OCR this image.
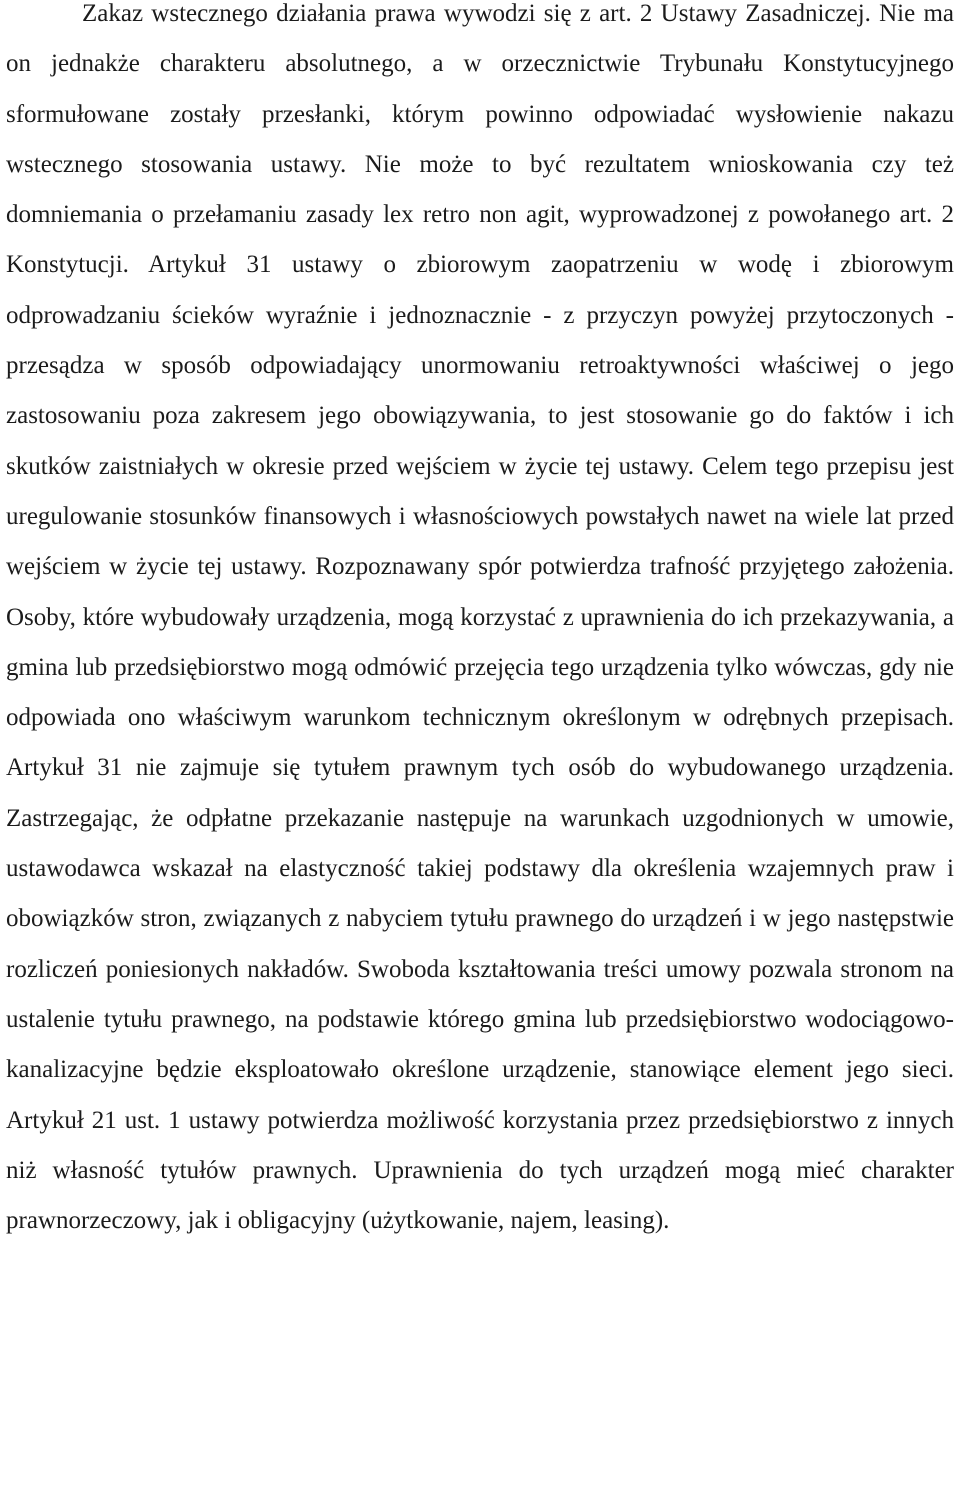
Zakaz wstecznego działania prawa wywodzi się z art. 2 Ustawy Zasadniczej. Nie ma on jednakże charakteru absolutnego, a w orzecznictwie Trybunału Konstytucyjnego sformułowane zostały przesłanki, którym powinno odpowiadać wysłowienie nakazu wstecznego stosowania ustawy. Nie może to być rezultatem wnioskowania czy też domniemania o przełamaniu zasady lex retro non agit, wyprowadzonej z powołanego art. 2 Konstytucji. Artykuł 31 ustawy o zbiorowym zaopatrzeniu w wodę i zbiorowym odprowadzaniu ścieków wyraźnie i jednoznacznie - z przyczyn powyżej przytoczonych - przesądza w sposób odpowiadający unormowaniu retroaktywności właściwej o jego zastosowaniu poza zakresem jego obowiązywania, to jest stosowanie go do faktów i ich skutków zaistniałych w okresie przed wejściem w życie tej ustawy. Celem tego przepisu jest uregulowanie stosunków finansowych i własnościowych powstałych nawet na wiele lat przed wejściem w życie tej ustawy. Rozpoznawany spór potwierdza trafność przyjętego założenia. Osoby, które wybudowały urządzenia, mogą korzystać z uprawnienia do ich przekazywania, a gmina lub przedsiębiorstwo mogą odmówić przejęcia tego urządzenia tylko wówczas, gdy nie odpowiada ono właściwym warunkom technicznym określonym w odrębnych przepisach. Artykuł 31 nie zajmuje się tytułem prawnym tych osób do wybudowanego urządzenia. Zastrzegając, że odpłatne przekazanie następuje na warunkach uzgodnionych w umowie, ustawodawca wskazał na elastyczność takiej podstawy dla określenia wzajemnych praw i obowiązków stron, związanych z nabyciem tytułu prawnego do urządzeń i w jego następstwie rozliczeń poniesionych nakładów. Swoboda kształtowania treści umowy pozwala stronom na ustalenie tytułu prawnego, na podstawie którego gmina lub przedsiębiorstwo wodociągowo-kanalizacyjne będzie eksploatowało określone urządzenie, stanowiące element jego sieci. Artykuł 21 ust. 1 ustawy potwierdza możliwość korzystania przez przedsiębiorstwo z innych niż własność tytułów prawnych. Uprawnienia do tych urządzeń mogą mieć charakter prawnorzeczowy, jak i obligacyjny (użytkowanie, najem, leasing).
